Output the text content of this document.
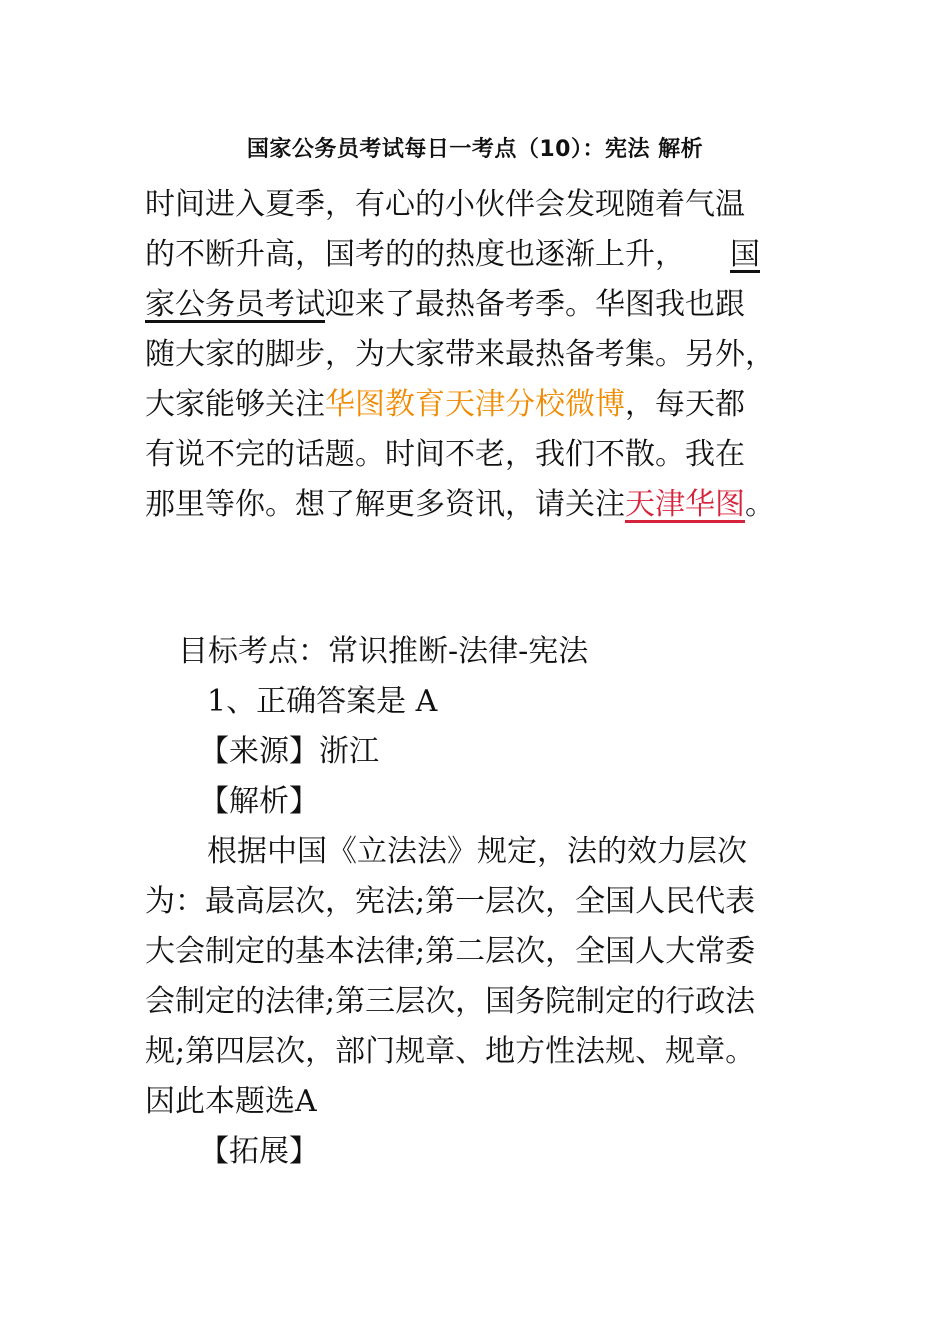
国家公务员考试每日一考点（10）：宪法 解析
时间进入夏季，有心的小伙伴会发现随着气温
的不断升高，国考的的热度也逐渐上升， 国
家公务员考试迎来了最热备考季。华图我也跟
随大家的脚步，为大家带来最热备考集。另外，
大家能够关注华图教育天津分校微博，每天都
有说不完的话题。时间不老，我们不散。我在
那里等你。想了解更多资讯，请关注天津华图。
目标考点：常识推断-法律-宪法
1、正确答案是 A
【来源】浙江
【解析】
根据中国《立法法》规定，法的效力层次
为：最高层次，宪法;第一层次，全国人民代表
大会制定的基本法律;第二层次，全国人大常委
会制定的法律;第三层次，国务院制定的行政法
规;第四层次，部门规章、地方性法规、规章。
因此本题选A
【拓展】
